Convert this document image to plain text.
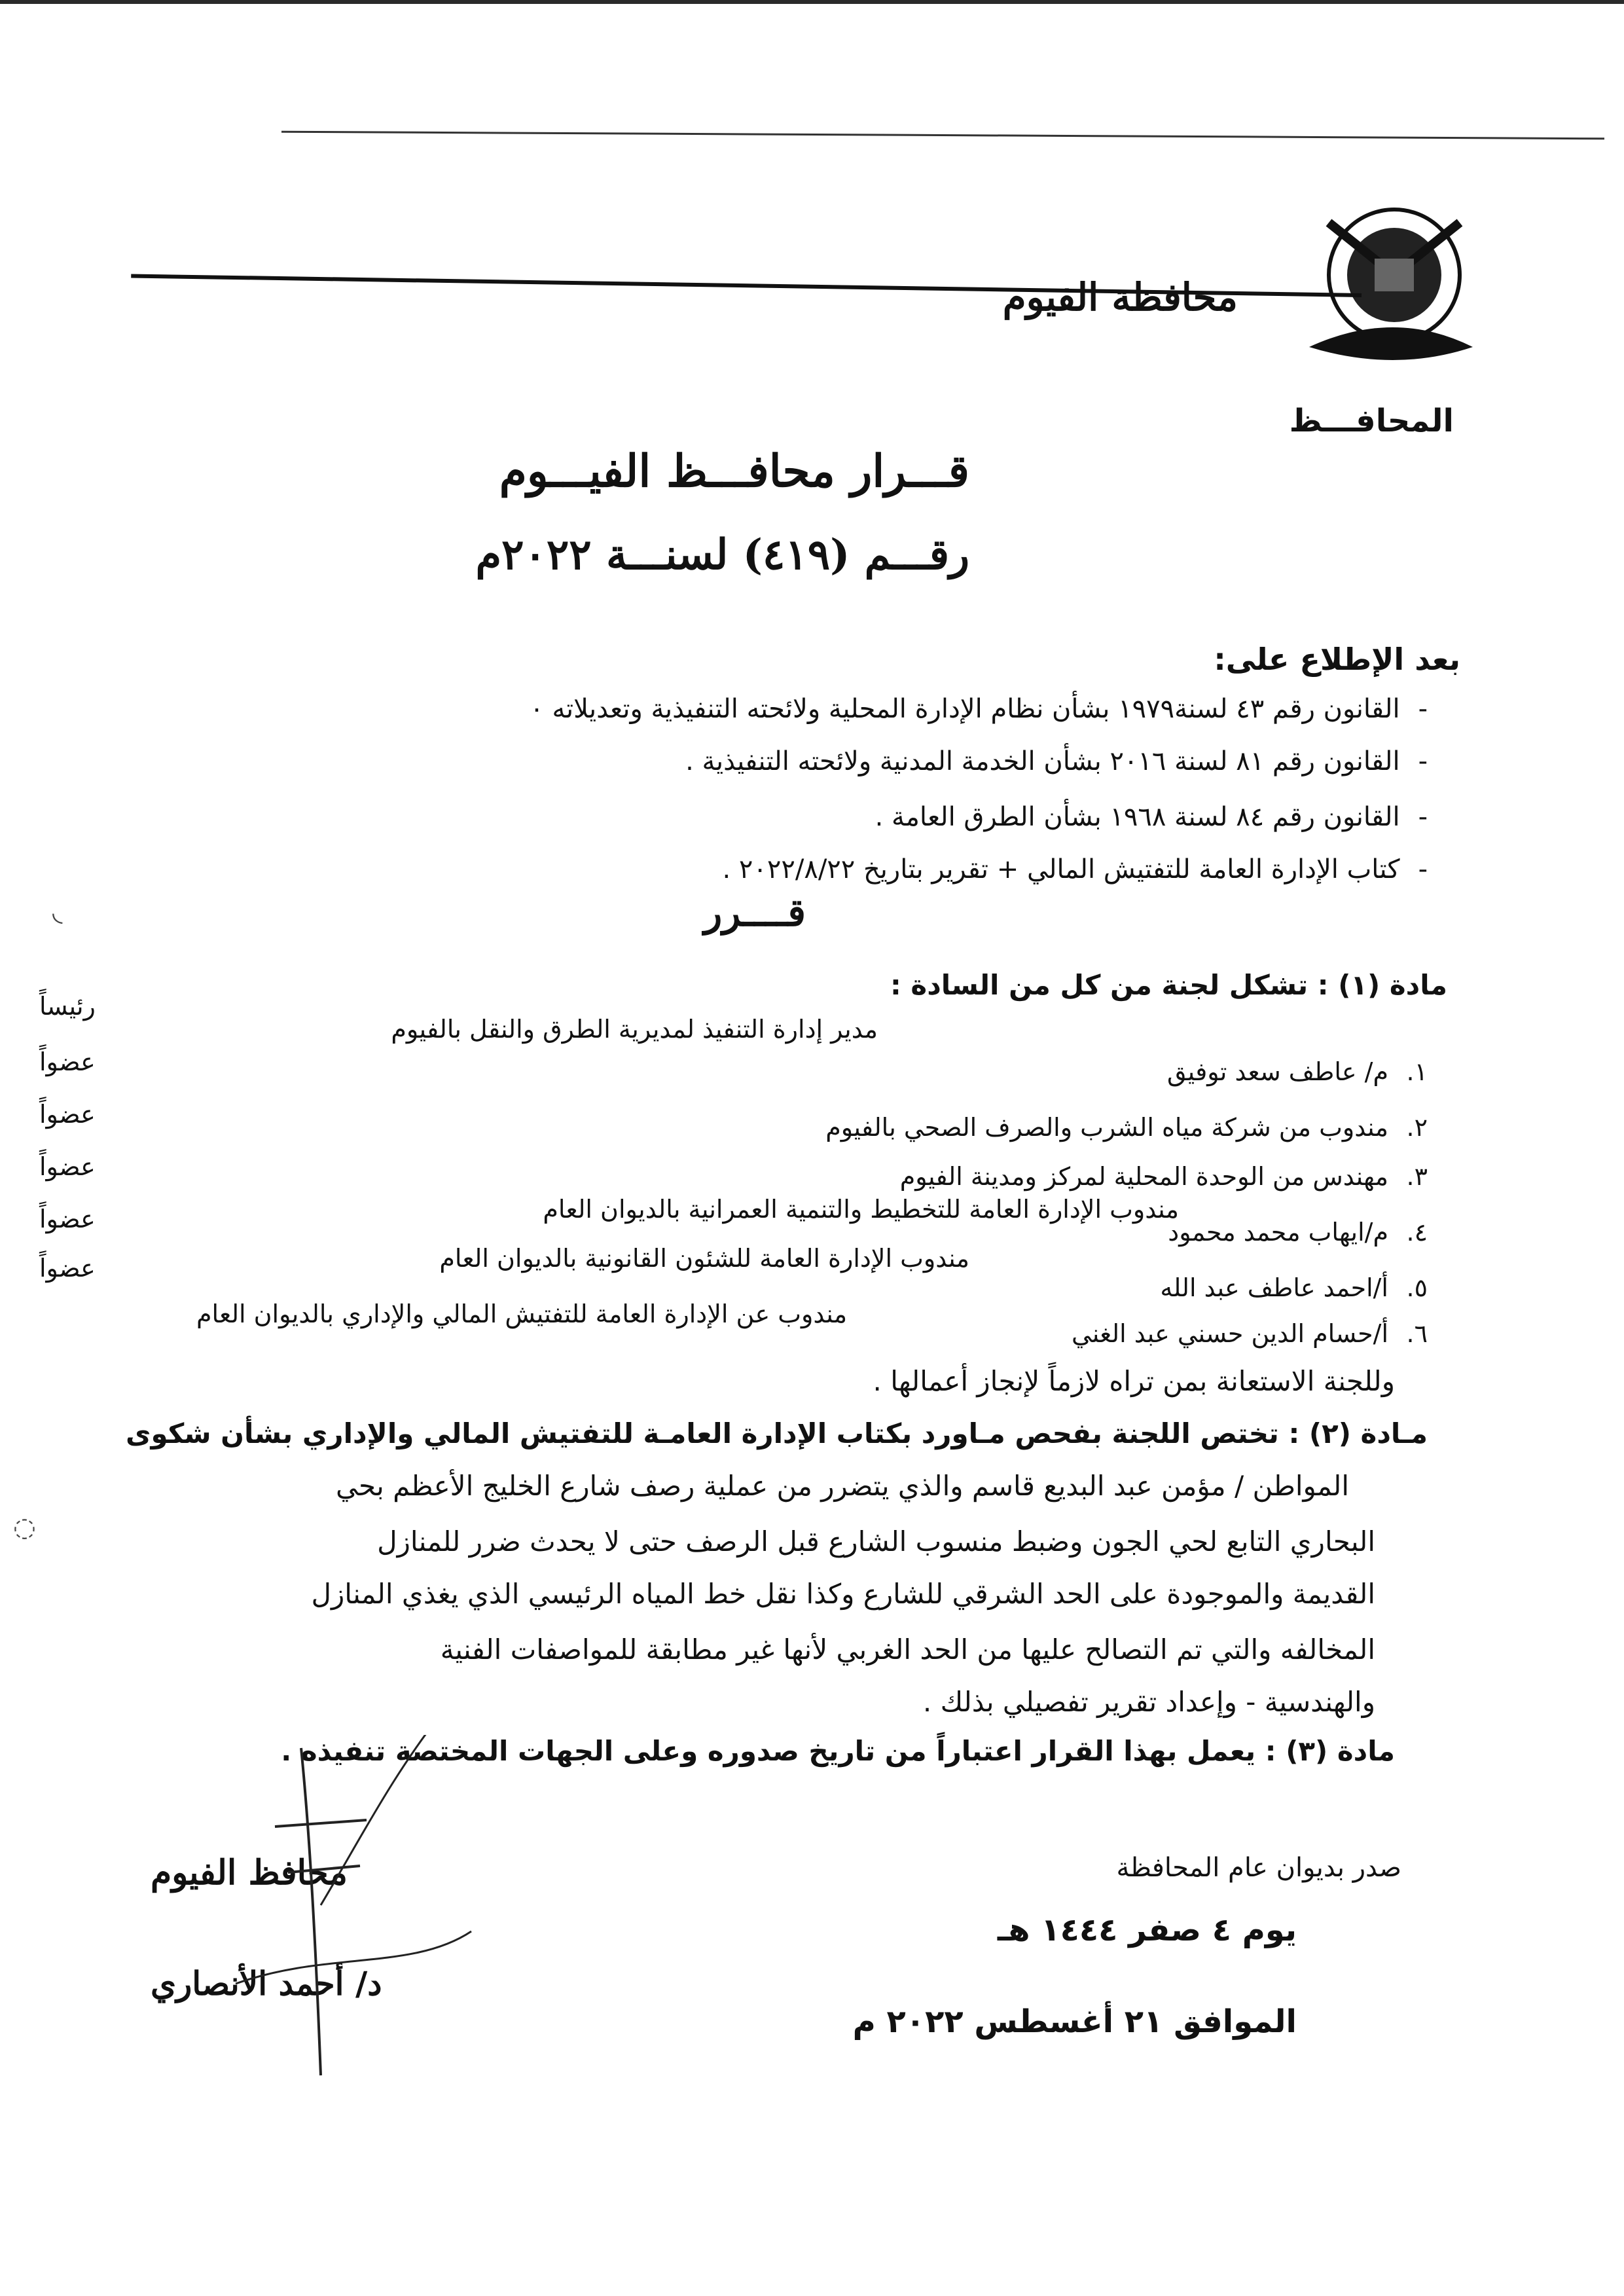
محافظة الفيوم
المحافـــظ
قـــرار محافـــظ الفيـــوم
رقـــم (٤١٩) لسنـــة ٢٠٢٢م
بعد الإطلاع على:
-القانون رقم ٤٣ لسنة١٩٧٩ بشأن نظام الإدارة المحلية ولائحته التنفيذية وتعديلاته ٠
-القانون رقم ٨١ لسنة ٢٠١٦ بشأن الخدمة المدنية ولائحته التنفيذية .
-القانون رقم ٨٤ لسنة ١٩٦٨ بشأن الطرق العامة .
-كتاب الإدارة العامة للتفتيش المالي + تقرير بتاريخ ٢٠٢٢/٨/٢٢ .
قــــرر
مادة (١) : تشكل لجنة من كل من السادة :
مدير إدارة التنفيذ لمديرية الطرق والنقل بالفيوم
١.م/ عاطف سعد توفيق
رئيساً
٢.مندوب من شركة مياه الشرب والصرف الصحي بالفيوم
عضواً
٣.مهندس من الوحدة المحلية لمركز ومدينة الفيوم
عضواً
مندوب الإدارة العامة للتخطيط والتنمية العمرانية بالديوان العام
٤.م/ايهاب محمد محمود
عضواً
مندوب الإدارة العامة للشئون القانونية بالديوان العام
٥.أ/احمد عاطف عبد الله
عضواً
٦.أ/حسام الدين حسني عبد الغني
مندوب عن الإدارة العامة للتفتيش المالي والإداري بالديوان العام
عضواً
وللجنة الاستعانة بمن تراه لازماً لإنجاز أعمالها .
مـادة (٢) : تختص اللجنة بفحص مـاورد بكتاب الإدارة العامـة للتفتيش المالي والإداري بشأن شكوى
المواطن / مؤمن عبد البديع قاسم والذي يتضرر من عملية رصف شارع الخليج الأعظم بحي
البحاري التابع لحي الجون وضبط منسوب الشارع قبل الرصف حتى لا يحدث ضرر للمنازل
القديمة والموجودة على الحد الشرقي للشارع وكذا نقل خط المياه الرئيسي الذي يغذي المنازل
المخالفه والتي تم التصالح عليها من الحد الغربي لأنها غير مطابقة للمواصفات الفنية
والهندسية - وإعداد تقرير تفصيلي بذلك .
مادة (٣) : يعمل بهذا القرار اعتباراً من تاريخ صدوره وعلى الجهات المختصة تنفيذه .
صدر بديوان عام المحافظة
يوم ٤ صفر ١٤٤٤ هـ
الموافق ٢١ أغسطس ٢٠٢٢ م
محافظ الفيوم
د/ أحمد الأنصاري
◟
◌
